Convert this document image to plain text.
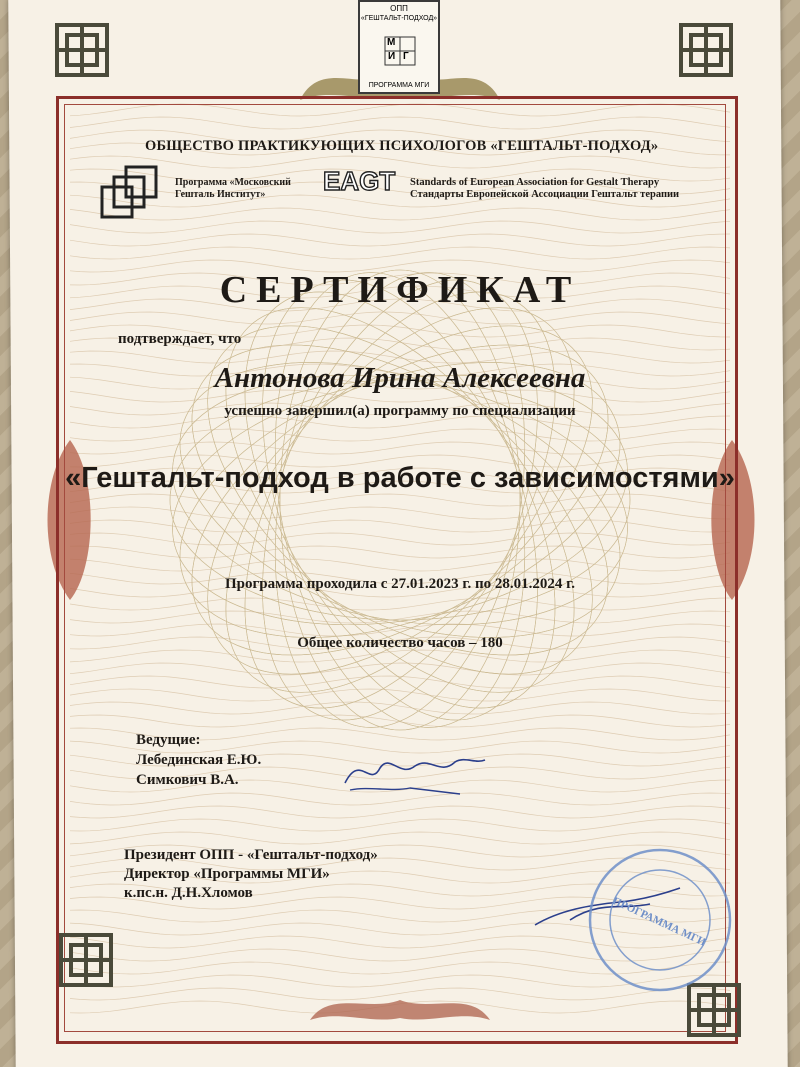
ОПП
«ГЕШТАЛЬТ-ПОДХОД»
М
Г
И
ПРОГРАММА МГИ
ОБЩЕСТВО ПРАКТИКУЮЩИХ ПСИХОЛОГОВ «ГЕШТАЛЬТ-ПОДХОД»
Программа «Московский
Гешталь Институт»	EAGT Standards of European Association for Gestalt Therapy
Стандарты Европейской Ассоциации Гештальт терапии
СЕРТИФИКАТ
подтверждает, что
Антонова Ирина Алексеевна
успешно завершил(а) программу по специализации
«Гештальт-подход в работе с зависимостями»
Программа проходила с 27.01.2023 г. по 28.01.2024 г.
Общее количество часов – 180
Ведущие:
Лебединская Е.Ю.
Симкович В.А.
Президент ОПП - «Гештальт-подход»
Директор «Программы МГИ»
к.пс.н. Д.Н.Хломов
ПРОГРАММА МГИ
